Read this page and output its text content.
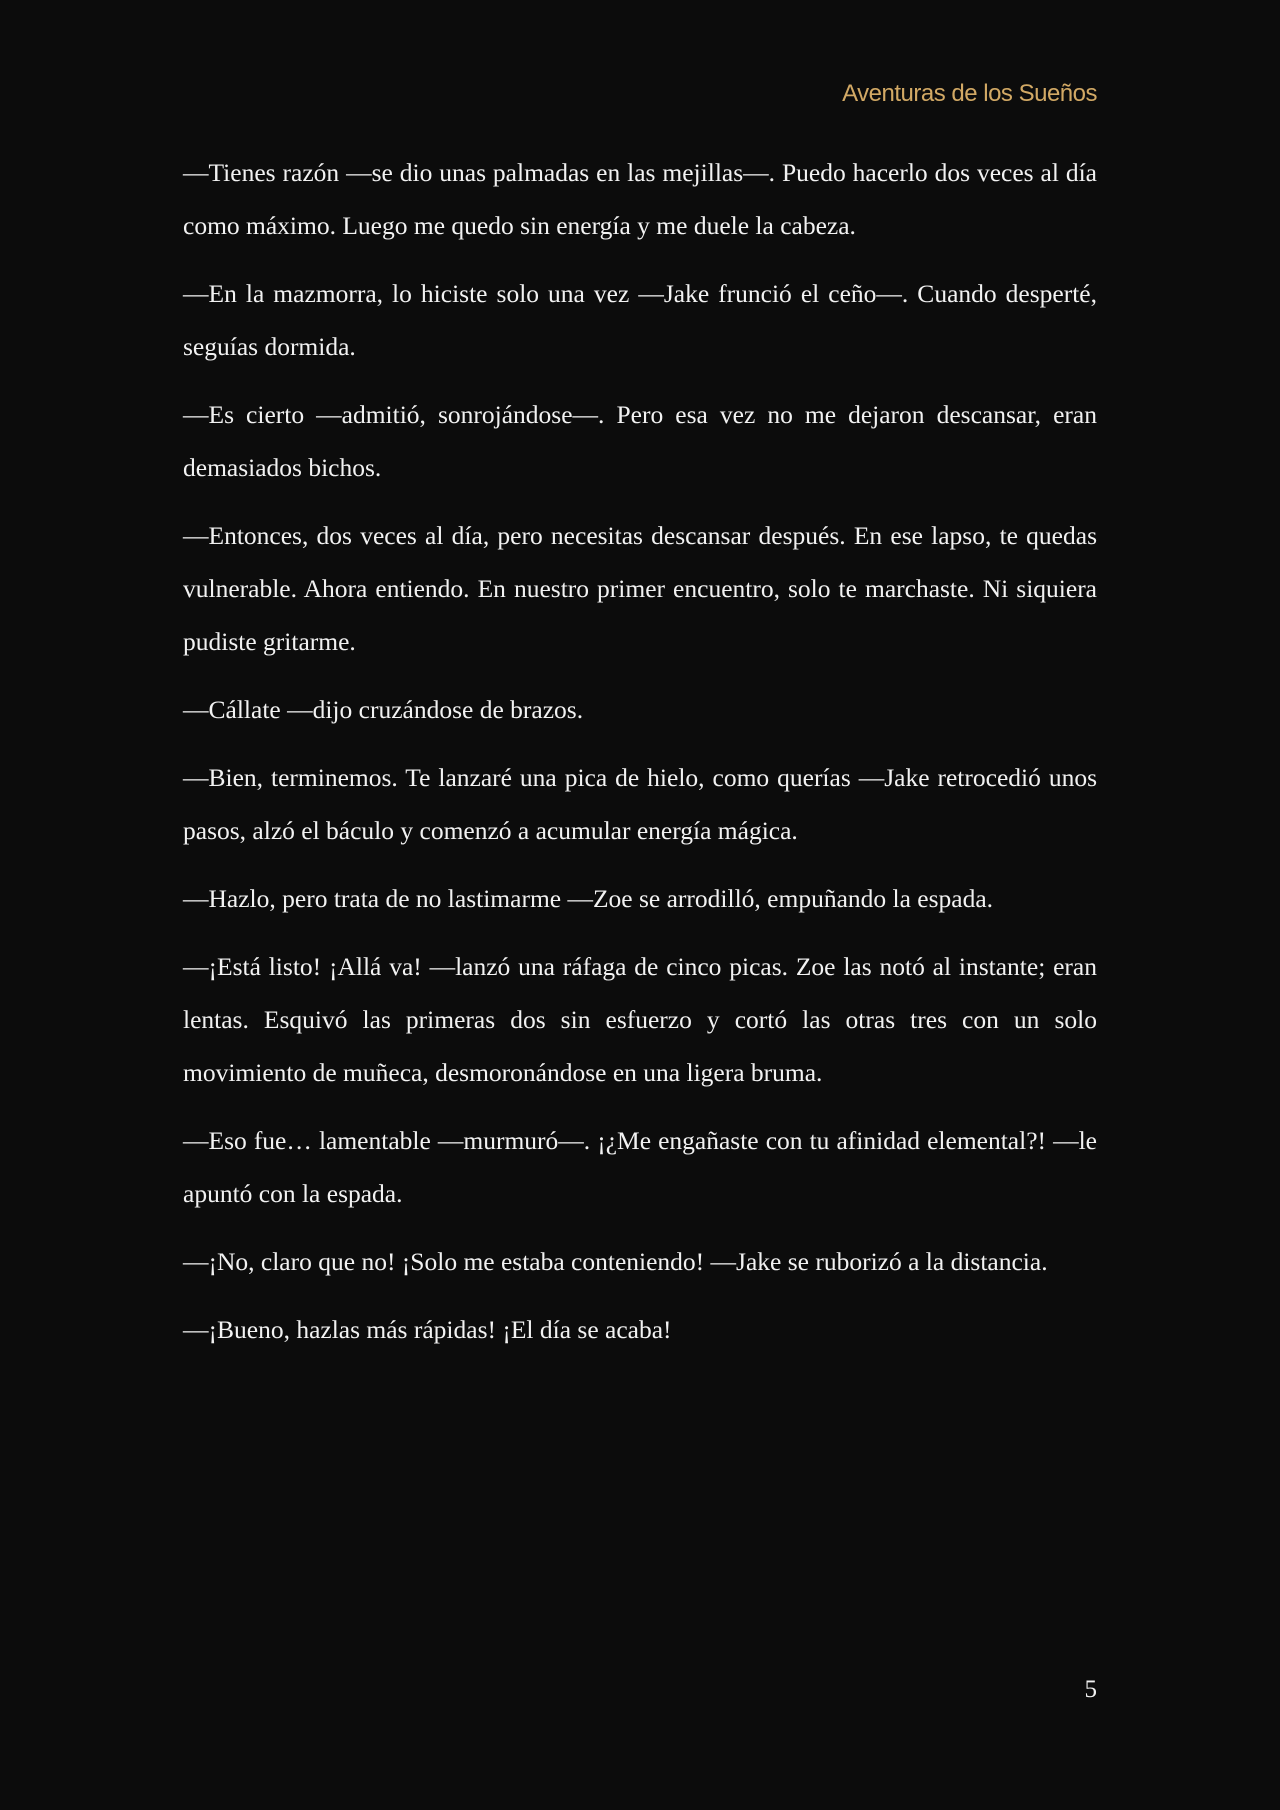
Aventuras de los Sueños

—Tienes razón —se dio unas palmadas en las mejillas—. Puedo hacerlo dos veces al día como máximo. Luego me quedo sin energía y me duele la cabeza.

—En la mazmorra, lo hiciste solo una vez —Jake frunció el ceño—. Cuando desperté, seguías dormida.

—Es cierto —admitió, sonrojándose—. Pero esa vez no me dejaron descansar, eran demasiados bichos.

—Entonces, dos veces al día, pero necesitas descansar después. En ese lapso, te quedas vulnerable. Ahora entiendo. En nuestro primer encuentro, solo te marchaste. Ni siquiera pudiste gritarme.

—Cállate —dijo cruzándose de brazos.

—Bien, terminemos. Te lanzaré una pica de hielo, como querías —Jake retrocedió unos pasos, alzó el báculo y comenzó a acumular energía mágica.

—Hazlo, pero trata de no lastimarme —Zoe se arrodilló, empuñando la espada.

—¡Está listo! ¡Allá va! —lanzó una ráfaga de cinco picas. Zoe las notó al instante; eran lentas. Esquivó las primeras dos sin esfuerzo y cortó las otras tres con un solo movimiento de muñeca, desmoronándose en una ligera bruma.

—Eso fue… lamentable —murmuró—. ¡¿Me engañaste con tu afinidad elemental?! —le apuntó con la espada.

—¡No, claro que no! ¡Solo me estaba conteniendo! —Jake se ruborizó a la distancia.

—¡Bueno, hazlas más rápidas! ¡El día se acaba!

5
